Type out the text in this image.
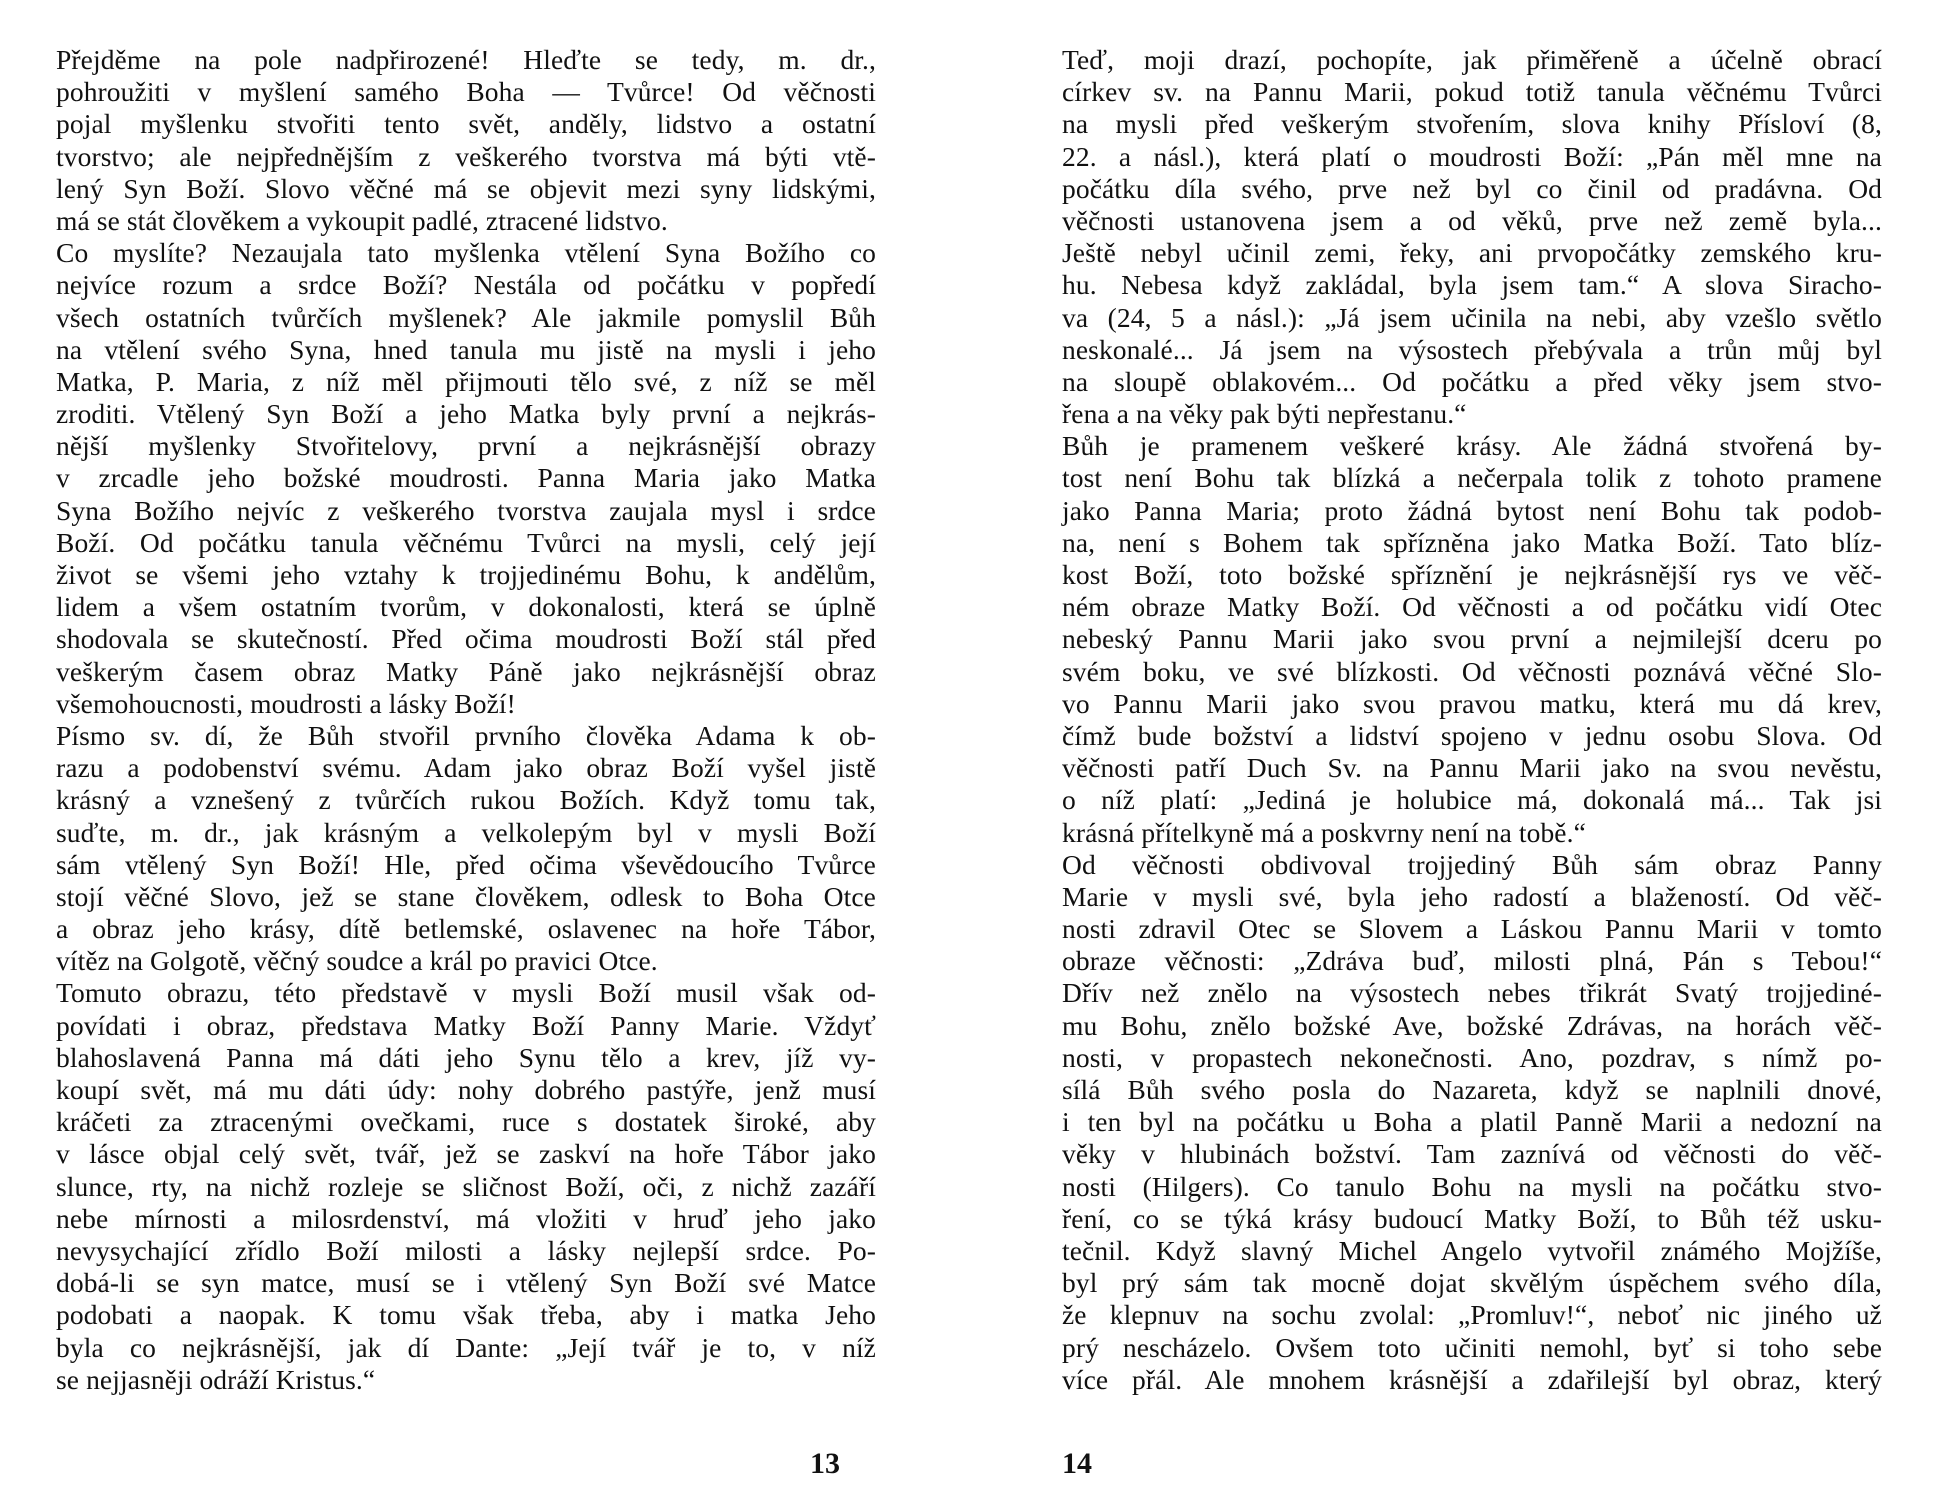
Přejděme na pole nadpřirozené! Hleďte se tedy, m. dr.,
pohroužiti v myšlení samého Boha — Tvůrce! Od věčnosti
pojal myšlenku stvořiti tento svět, anděly, lidstvo a ostatní
tvorstvo; ale nejpřednějším z veškerého tvorstva má býti vtě-
lený Syn Boží. Slovo věčné má se objevit mezi syny lidskými,
má se stát člověkem a vykoupit padlé, ztracené lidstvo.
Co myslíte? Nezaujala tato myšlenka vtělení Syna Božího co
nejvíce rozum a srdce Boží? Nestála od počátku v popředí
všech ostatních tvůrčích myšlenek? Ale jakmile pomyslil Bůh
na vtělení svého Syna, hned tanula mu jistě na mysli i jeho
Matka, P. Maria, z níž měl přijmouti tělo své, z níž se měl
zroditi. Vtělený Syn Boží a jeho Matka byly první a nejkrás-
nější myšlenky Stvořitelovy, první a nejkrásnější obrazy
v zrcadle jeho božské moudrosti. Panna Maria jako Matka
Syna Božího nejvíc z veškerého tvorstva zaujala mysl i srdce
Boží. Od počátku tanula věčnému Tvůrci na mysli, celý její
život se všemi jeho vztahy k trojjedinému Bohu, k andělům,
lidem a všem ostatním tvorům, v dokonalosti, která se úplně
shodovala se skutečností. Před očima moudrosti Boží stál před
veškerým časem obraz Matky Páně jako nejkrásnější obraz
všemohoucnosti, moudrosti a lásky Boží!
Písmo sv. dí, že Bůh stvořil prvního člověka Adama k ob-
razu a podobenství svému. Adam jako obraz Boží vyšel jistě
krásný a vznešený z tvůrčích rukou Božích. Když tomu tak,
suďte, m. dr., jak krásným a velkolepým byl v mysli Boží
sám vtělený Syn Boží! Hle, před očima vševědoucího Tvůrce
stojí věčné Slovo, jež se stane člověkem, odlesk to Boha Otce
a obraz jeho krásy, dítě betlemské, oslavenec na hoře Tábor,
vítěz na Golgotě, věčný soudce a král po pravici Otce.
Tomuto obrazu, této představě v mysli Boží musil však od-
povídati i obraz, představa Matky Boží Panny Marie. Vždyť
blahoslavená Panna má dáti jeho Synu tělo a krev, jíž vy-
koupí svět, má mu dáti údy: nohy dobrého pastýře, jenž musí
kráčeti za ztracenými ovečkami, ruce s dostatek široké, aby
v lásce objal celý svět, tvář, jež se zaskví na hoře Tábor jako
slunce, rty, na nichž rozleje se sličnost Boží, oči, z nichž zazáří
nebe mírnosti a milosrdenství, má vložiti v hruď jeho jako
nevysychající zřídlo Boží milosti a lásky nejlepší srdce. Po-
dobá-li se syn matce, musí se i vtělený Syn Boží své Matce
podobati a naopak. K tomu však třeba, aby i matka Jeho
byla co nejkrásnější, jak dí Dante: „Její tvář je to, v níž
se nejjasněji odráží Kristus.“
13
Teď, moji drazí, pochopíte, jak přiměřeně a účelně obrací
církev sv. na Pannu Marii, pokud totiž tanula věčnému Tvůrci
na mysli před veškerým stvořením, slova knihy Přísloví (8,
22. a násl.), která platí o moudrosti Boží: „Pán měl mne na
počátku díla svého, prve než byl co činil od pradávna. Od
věčnosti ustanovena jsem a od věků, prve než země byla...
Ještě nebyl učinil zemi, řeky, ani prvopočátky zemského kru-
hu. Nebesa když zakládal, byla jsem tam.“ A slova Siracho-
va (24, 5 a násl.): „Já jsem učinila na nebi, aby vzešlo světlo
neskonalé... Já jsem na výsostech přebývala a trůn můj byl
na sloupě oblakovém... Od počátku a před věky jsem stvo-
řena a na věky pak býti nepřestanu.“
Bůh je pramenem veškeré krásy. Ale žádná stvořená by-
tost není Bohu tak blízká a nečerpala tolik z tohoto pramene
jako Panna Maria; proto žádná bytost není Bohu tak podob-
na, není s Bohem tak spřízněna jako Matka Boží. Tato blíz-
kost Boží, toto božské spříznění je nejkrásnější rys ve věč-
ném obraze Matky Boží. Od věčnosti a od počátku vidí Otec
nebeský Pannu Marii jako svou první a nejmilejší dceru po
svém boku, ve své blízkosti. Od věčnosti poznává věčné Slo-
vo Pannu Marii jako svou pravou matku, která mu dá krev,
čímž bude božství a lidství spojeno v jednu osobu Slova. Od
věčnosti patří Duch Sv. na Pannu Marii jako na svou nevěstu,
o níž platí: „Jediná je holubice má, dokonalá má... Tak jsi
krásná přítelkyně má a poskvrny není na tobě.“
Od věčnosti obdivoval trojjediný Bůh sám obraz Panny
Marie v mysli své, byla jeho radostí a blažeností. Od věč-
nosti zdravil Otec se Slovem a Láskou Pannu Marii v tomto
obraze věčnosti: „Zdráva buď, milosti plná, Pán s Tebou!“
Dřív než znělo na výsostech nebes třikrát Svatý trojjediné-
mu Bohu, znělo božské Ave, božské Zdrávas, na horách věč-
nosti, v propastech nekonečnosti. Ano, pozdrav, s nímž po-
sílá Bůh svého posla do Nazareta, když se naplnili dnové,
i ten byl na počátku u Boha a platil Panně Marii a nedozní na
věky v hlubinách božství. Tam zaznívá od věčnosti do věč-
nosti (Hilgers). Co tanulo Bohu na mysli na počátku stvo-
ření, co se týká krásy budoucí Matky Boží, to Bůh též usku-
tečnil. Když slavný Michel Angelo vytvořil známého Mojžíše,
byl prý sám tak mocně dojat skvělým úspěchem svého díla,
že klepnuv na sochu zvolal: „Promluv!“, neboť nic jiného už
prý nescházelo. Ovšem toto učiniti nemohl, byť si toho sebe
více přál. Ale mnohem krásnější a zdařilejší byl obraz, který
14
